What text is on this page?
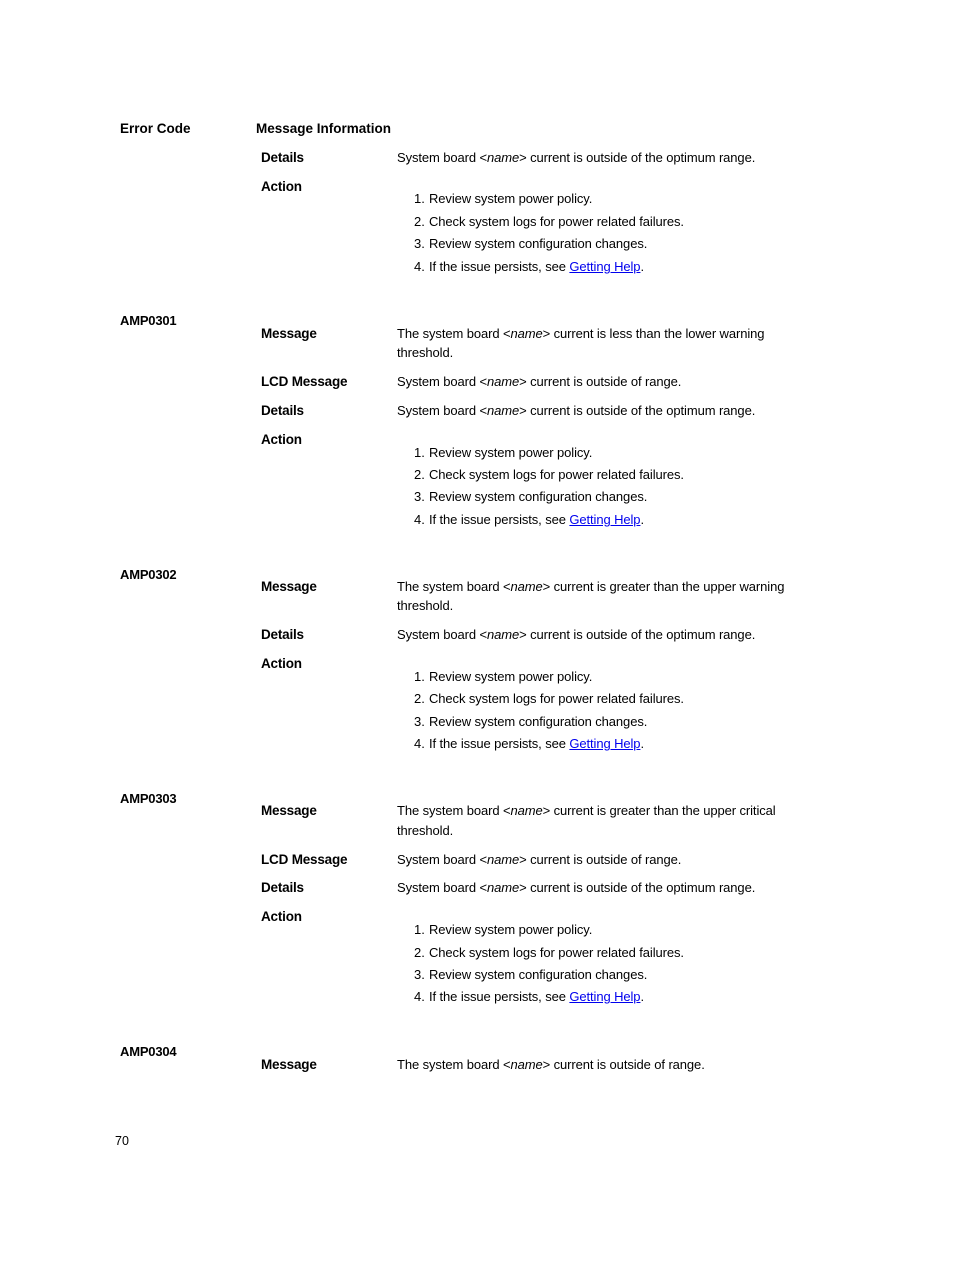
Error Code	Message Information
Details	System board <name> current is outside of the optimum range.
Action
1. Review system power policy.
2. Check system logs for power related failures.
3. Review system configuration changes.
4. If the issue persists, see Getting Help.
AMP0301
Message	The system board <name> current is less than the lower warning
threshold.
LCD Message	System board <name> current is outside of range.
Details	System board <name> current is outside of the optimum range.
Action
1. Review system power policy.
2. Check system logs for power related failures.
3. Review system configuration changes.
4. If the issue persists, see Getting Help.
AMP0302
Message	The system board <name> current is greater than the upper warning
threshold.
Details	System board <name> current is outside of the optimum range.
Action
1. Review system power policy.
2. Check system logs for power related failures.
3. Review system configuration changes.
4. If the issue persists, see Getting Help.
AMP0303
Message	The system board <name> current is greater than the upper critical
threshold.
LCD Message	System board <name> current is outside of range.
Details	System board <name> current is outside of the optimum range.
Action
1. Review system power policy.
2. Check system logs for power related failures.
3. Review system configuration changes.
4. If the issue persists, see Getting Help.
AMP0304
Message	The system board <name> current is outside of range.
70
